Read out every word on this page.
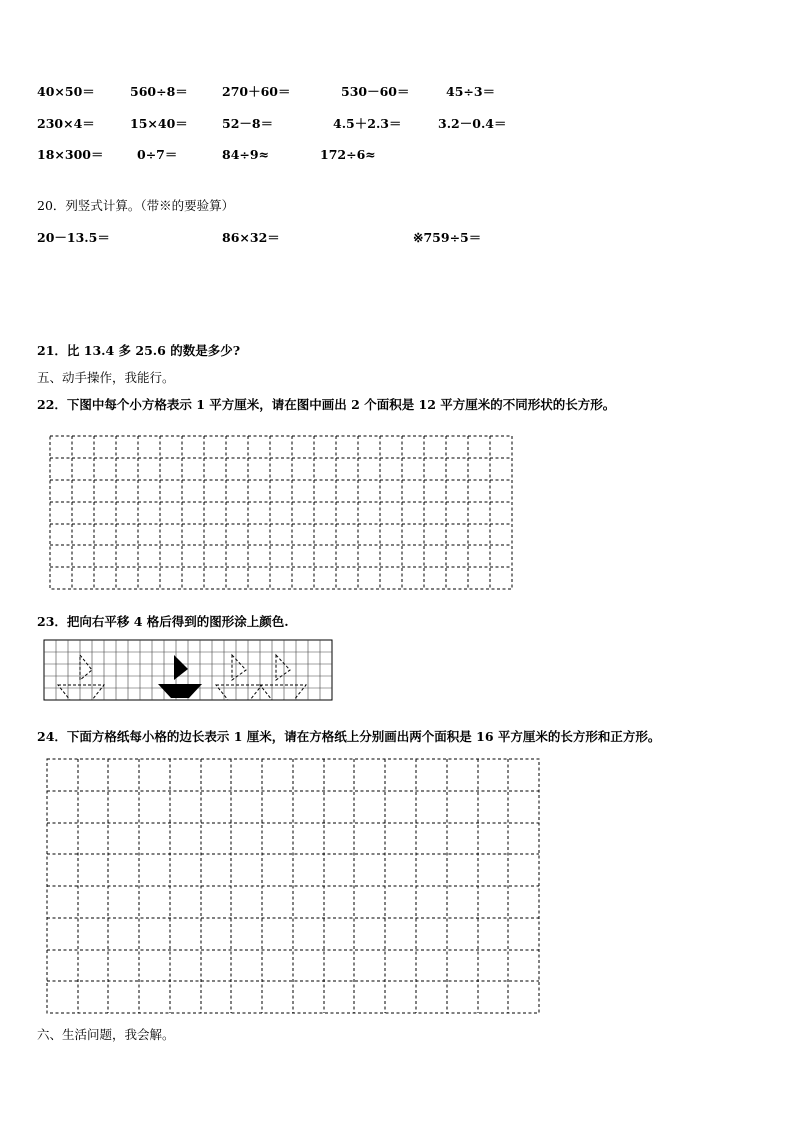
40×50＝	560÷8＝	270＋60＝	530－60＝	45÷3＝
230×4＝	15×40＝	52－8＝	4.5＋2.3＝	3.2－0.4＝
18×300＝	0÷7＝	84÷9≈	172÷6≈
20．列竖式计算。（带※的要验算）
20－13.5＝	86×32＝	※759÷5＝
21．比 13.4 多 25.6 的数是多少?
五、动手操作，我能行。
22．下图中每个小方格表示 1 平方厘米，请在图中画出 2 个面积是 12 平方厘米的不同形状的长方形。
23．把向右平移 4 格后得到的图形涂上颜色.
24．下面方格纸每小格的边长表示 1 厘米，请在方格纸上分别画出两个面积是 16 平方厘米的长方形和正方形。
六、生活问题，我会解。
